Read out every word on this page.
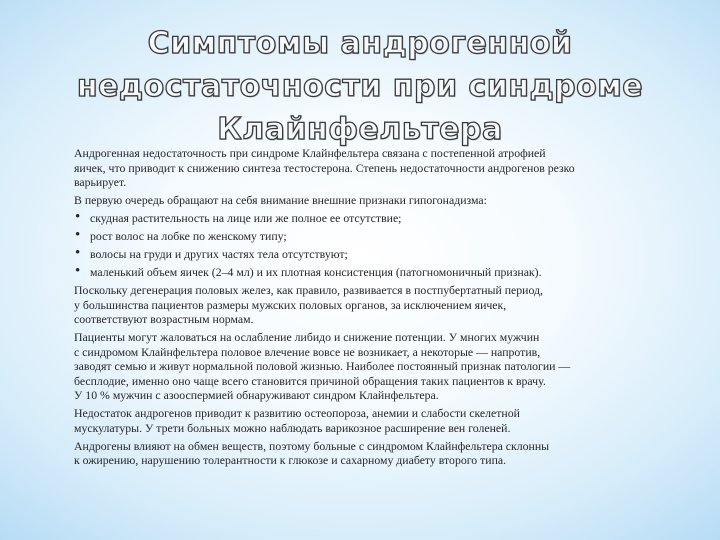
Симптомы андрогенной недостаточности при синдроме Клайнфельтера

Андрогенная недостаточность при синдроме Клайнфельтера связана с постепенной атрофией
яичек, что приводит к снижению синтеза тестостерона. Степень недостаточности андрогенов резко
варьирует.

В первую очередь обращают на себя внимание внешние признаки гипогонадизма:

• скудная растительность на лице или же полное ее отсутствие;
• рост волос на лобке по женскому типу;
• волосы на груди и других частях тела отсутствуют;
• маленький объем яичек (2–4 мл) и их плотная консистенция (патогномоничный признак).

Поскольку дегенерация половых желез, как правило, развивается в постпубертатный период,
у большинства пациентов размеры мужских половых органов, за исключением яичек,
соответствуют возрастным нормам.

Пациенты могут жаловаться на ослабление либидо и снижение потенции. У многих мужчин
с синдромом Клайнфельтера половое влечение вовсе не возникает, а некоторые — напротив,
заводят семью и живут нормальной половой жизнью. Наиболее постоянный признак патологии —
бесплодие, именно оно чаще всего становится причиной обращения таких пациентов к врачу.
У 10 % мужчин с азооспермией обнаруживают синдром Клайнфельтера.

Недостаток андрогенов приводит к развитию остеопороза, анемии и слабости скелетной
мускулатуры. У трети больных можно наблюдать варикозное расширение вен голеней.

Андрогены влияют на обмен веществ, поэтому больные с синдромом Клайнфельтера склонны
к ожирению, нарушению толерантности к глюкозе и сахарному диабету второго типа.
